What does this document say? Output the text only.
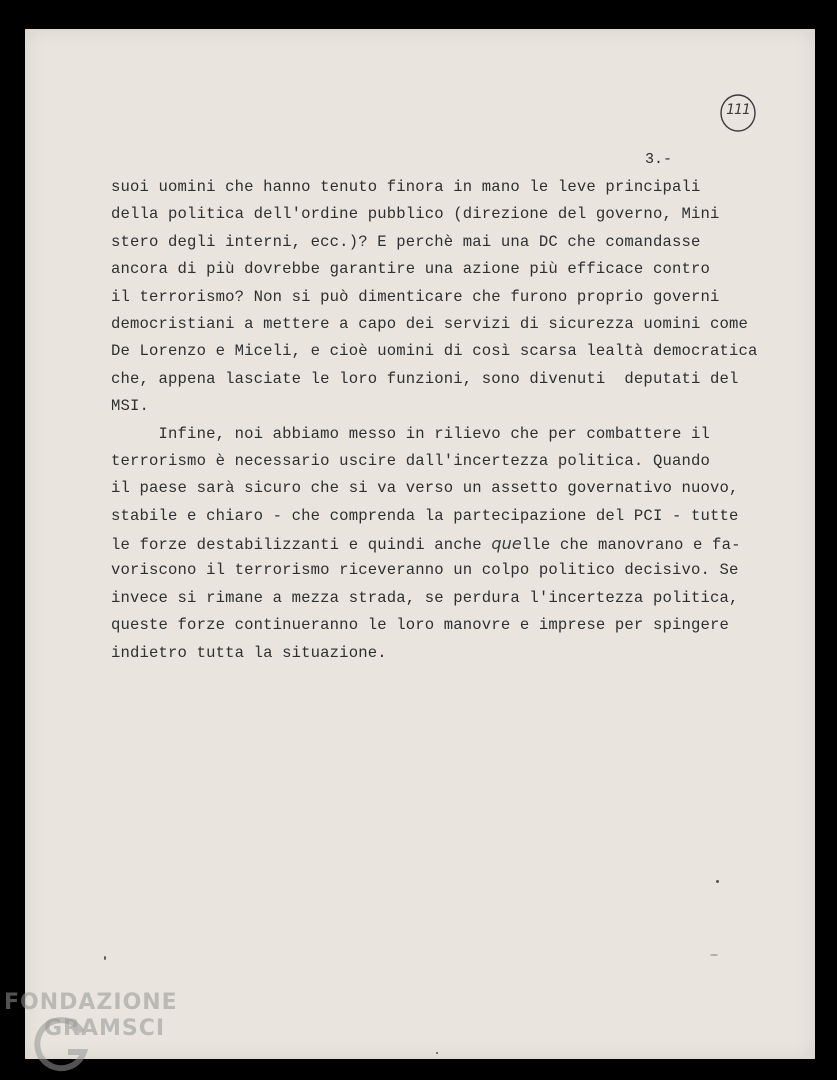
111
3.-
suoi uomini che hanno tenuto finora in mano le leve principali
della politica dell'ordine pubblico (direzione del governo, Mini
stero degli interni, ecc.)? E perchè mai una DC che comandasse
ancora di più dovrebbe garantire una azione più efficace contro
il terrorismo? Non si può dimenticare che furono proprio governi
democristiani a mettere a capo dei servizi di sicurezza uomini come
De Lorenzo e Miceli, e cioè uomini di così scarsa lealtà democratica
che, appena lasciate le loro funzioni, sono divenuti  deputati del
MSI.
Infine, noi abbiamo messo in rilievo che per combattere il
terrorismo è necessario uscire dall'incertezza politica. Quando
il paese sarà sicuro che si va verso un assetto governativo nuovo,
stabile e chiaro - che comprenda la partecipazione del PCI - tutte
le forze destabilizzanti e quindi anche quelle che manovrano e fa-
voriscono il terrorismo riceveranno un colpo politico decisivo. Se
invece si rimane a mezza strada, se perdura l'incertezza politica,
queste forze continueranno le loro manovre e imprese per spingere
indietro tutta la situazione.
FONDAZIONE
GRAMSCI
